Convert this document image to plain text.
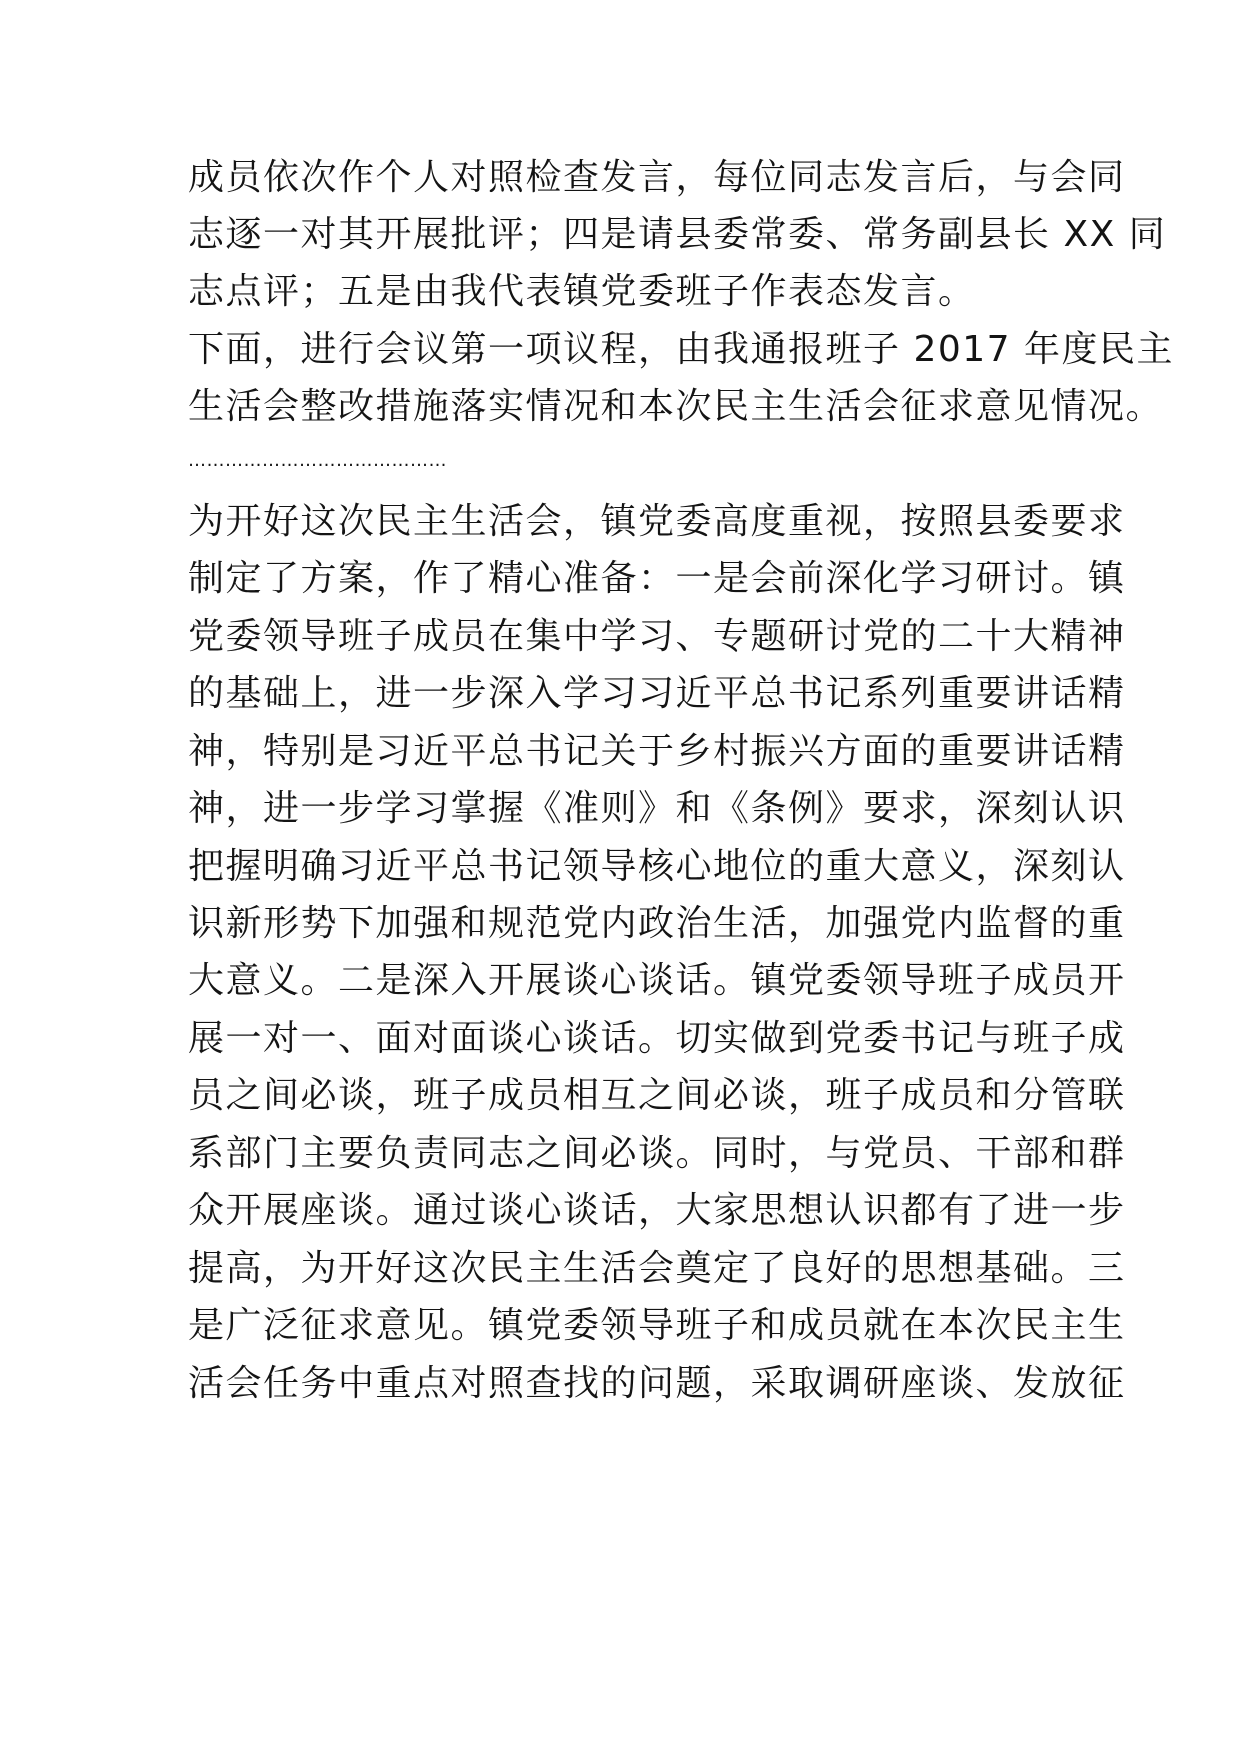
成员依次作个人对照检查发言，每位同志发言后，与会同
志逐一对其开展批评；四是请县委常委、常务副县长 XX 同
志点评；五是由我代表镇党委班子作表态发言。
下面，进行会议第一项议程，由我通报班子 2017 年度民主
生活会整改措施落实情况和本次民主生活会征求意见情况。
……………………………………
为开好这次民主生活会，镇党委高度重视，按照县委要求
制定了方案，作了精心准备：一是会前深化学习研讨。镇
党委领导班子成员在集中学习、专题研讨党的二十大精神
的基础上，进一步深入学习习近平总书记系列重要讲话精
神，特别是习近平总书记关于乡村振兴方面的重要讲话精
神，进一步学习掌握《准则》和《条例》要求，深刻认识
把握明确习近平总书记领导核心地位的重大意义，深刻认
识新形势下加强和规范党内政治生活，加强党内监督的重
大意义。二是深入开展谈心谈话。镇党委领导班子成员开
展一对一、面对面谈心谈话。切实做到党委书记与班子成
员之间必谈，班子成员相互之间必谈，班子成员和分管联
系部门主要负责同志之间必谈。同时，与党员、干部和群
众开展座谈。通过谈心谈话，大家思想认识都有了进一步
提高，为开好这次民主生活会奠定了良好的思想基础。三
是广泛征求意见。镇党委领导班子和成员就在本次民主生
活会任务中重点对照查找的问题，采取调研座谈、发放征
